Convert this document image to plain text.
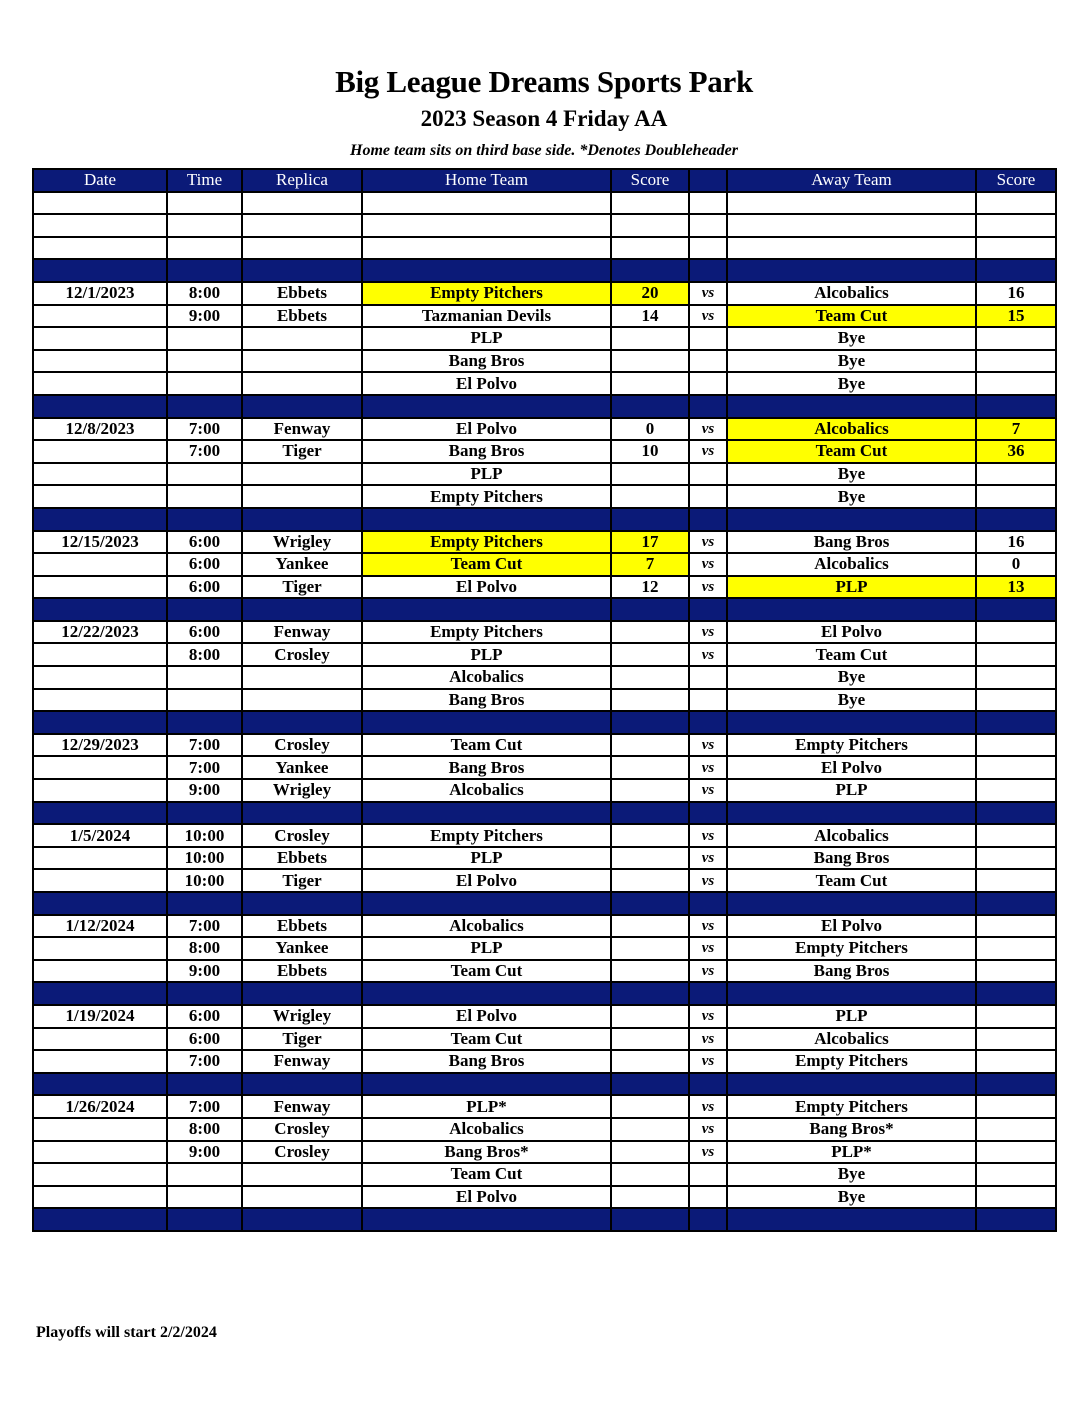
Big League Dreams Sports Park
2023 Season 4 Friday AA
Home team sits on third base side. *Denotes Doubleheader
Date	Time	Replica	Home Team	Score		Away Team	Score

12/1/2023	8:00	Ebbets	Empty Pitchers	20	vs	Alcobalics	16
	9:00	Ebbets	Tazmanian Devils	14	vs	Team Cut	15
			PLP			Bye	
			Bang Bros			Bye	
			El Polvo			Bye	

12/8/2023	7:00	Fenway	El Polvo	0	vs	Alcobalics	7
	7:00	Tiger	Bang Bros	10	vs	Team Cut	36
			PLP			Bye	
			Empty Pitchers			Bye	

12/15/2023	6:00	Wrigley	Empty Pitchers	17	vs	Bang Bros	16
	6:00	Yankee	Team Cut	7	vs	Alcobalics	0
	6:00	Tiger	El Polvo	12	vs	PLP	13

12/22/2023	6:00	Fenway	Empty Pitchers		vs	El Polvo	
	8:00	Crosley	PLP		vs	Team Cut	
			Alcobalics			Bye	
			Bang Bros			Bye	

12/29/2023	7:00	Crosley	Team Cut		vs	Empty Pitchers	
	7:00	Yankee	Bang Bros		vs	El Polvo	
	9:00	Wrigley	Alcobalics		vs	PLP	

1/5/2024	10:00	Crosley	Empty Pitchers		vs	Alcobalics	
	10:00	Ebbets	PLP		vs	Bang Bros	
	10:00	Tiger	El Polvo		vs	Team Cut	

1/12/2024	7:00	Ebbets	Alcobalics		vs	El Polvo	
	8:00	Yankee	PLP		vs	Empty Pitchers	
	9:00	Ebbets	Team Cut		vs	Bang Bros	

1/19/2024	6:00	Wrigley	El Polvo		vs	PLP	
	6:00	Tiger	Team Cut		vs	Alcobalics	
	7:00	Fenway	Bang Bros		vs	Empty Pitchers	

1/26/2024	7:00	Fenway	PLP*		vs	Empty Pitchers	
	8:00	Crosley	Alcobalics		vs	Bang Bros*	
	9:00	Crosley	Bang Bros*		vs	PLP*	
			Team Cut			Bye	
			El Polvo			Bye	

Playoffs will start 2/2/2024
